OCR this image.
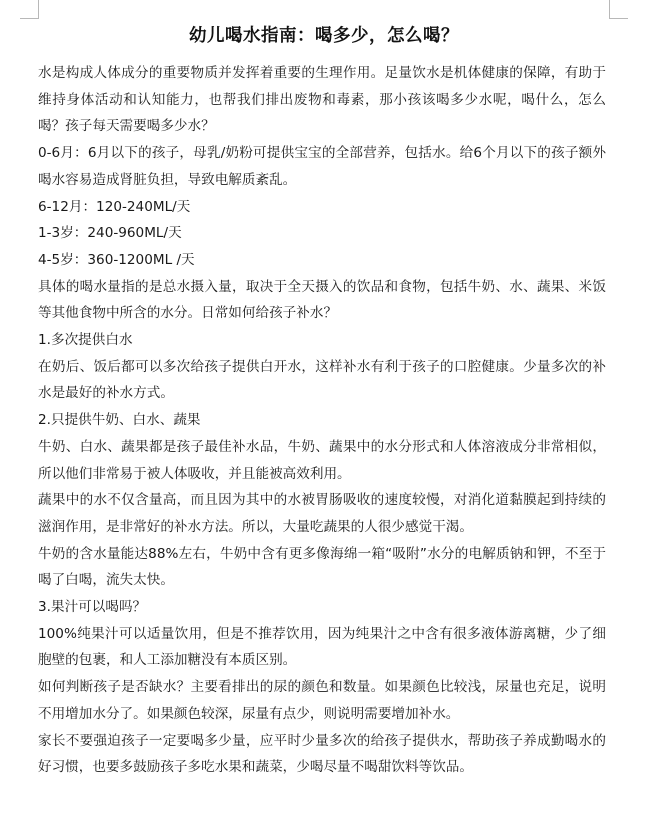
幼儿喝水指南：喝多少，怎么喝？

水是构成人体成分的重要物质并发挥着重要的生理作用。足量饮水是机体健康的保障，有助于维持身体活动和认知能力，也帮我们排出废物和毒素，那小孩该喝多少水呢，喝什么，怎么喝？孩子每天需要喝多少水？

0-6月：6月以下的孩子，母乳/奶粉可提供宝宝的全部营养，包括水。给6个月以下的孩子额外喝水容易造成肾脏负担，导致电解质紊乱。

6-12月：120-240ML/天

1-3岁：240-960ML/天

4-5岁：360-1200ML /天

具体的喝水量指的是总水摄入量，取决于全天摄入的饮品和食物，包括牛奶、水、蔬果、米饭等其他食物中所含的水分。日常如何给孩子补水？

1.多次提供白水

在奶后、饭后都可以多次给孩子提供白开水，这样补水有利于孩子的口腔健康。少量多次的补水是最好的补水方式。

2.只提供牛奶、白水、蔬果

牛奶、白水、蔬果都是孩子最佳补水品，牛奶、蔬果中的水分形式和人体溶液成分非常相似，所以他们非常易于被人体吸收，并且能被高效利用。

蔬果中的水不仅含量高，而且因为其中的水被胃肠吸收的速度较慢，对消化道黏膜起到持续的滋润作用，是非常好的补水方法。所以，大量吃蔬果的人很少感觉干渴。

牛奶的含水量能达88%左右，牛奶中含有更多像海绵一箱“吸附”水分的电解质钠和钾，不至于喝了白喝，流失太快。

3.果汁可以喝吗？

100%纯果汁可以适量饮用，但是不推荐饮用，因为纯果汁之中含有很多液体游离糖，少了细胞壁的包裹，和人工添加糖没有本质区别。

如何判断孩子是否缺水？主要看排出的尿的颜色和数量。如果颜色比较浅，尿量也充足，说明不用增加水分了。如果颜色较深，尿量有点少，则说明需要增加补水。

家长不要强迫孩子一定要喝多少量，应平时少量多次的给孩子提供水，帮助孩子养成勤喝水的好习惯，也要多鼓励孩子多吃水果和蔬菜，少喝尽量不喝甜饮料等饮品。
